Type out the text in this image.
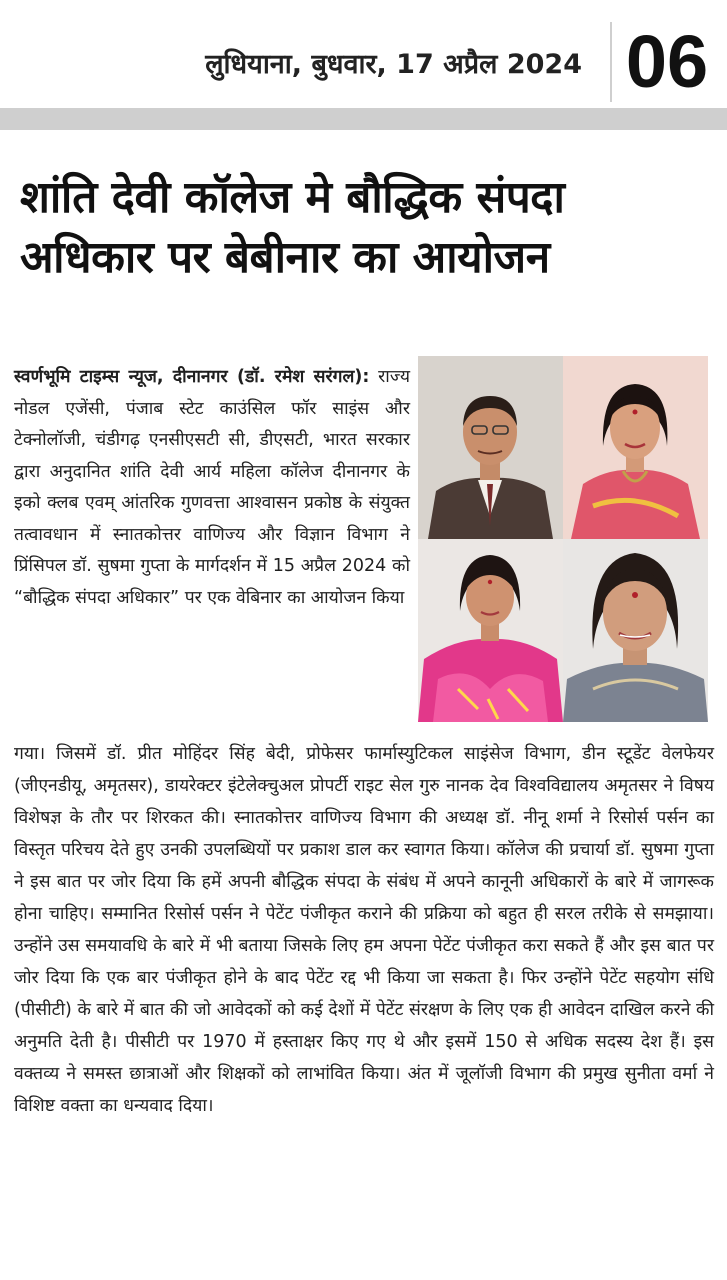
लुधियाना, बुधवार, 17 अप्रैल 2024 06
शांति देवी कॉलेज मे बौद्धिक संपदा
अधिकार पर बेबीनार का आयोजन
स्वर्णभूमि टाइम्स न्यूज, दीनानगर (डॉ. रमेश सरंगल): राज्य नोडल एजेंसी, पंजाब स्टेट काउंसिल फॉर साइंस और टेक्नोलॉजी, चंडीगढ़ एनसीएसटी सी, डीएसटी, भारत सरकार द्वारा अनुदानित शांति देवी आर्य महिला कॉलेज दीनानगर के इको क्लब एवम् आंतरिक गुणवत्ता आश्वासन प्रकोष्ठ के संयुक्त तत्वावधान में स्नातकोत्तर वाणिज्य और विज्ञान विभाग ने प्रिंसिपल डॉ. सुषमा गुप्ता के मार्गदर्शन में 15 अप्रैल 2024 को “बौद्धिक संपदा अधिकार” पर एक वेबिनार का आयोजन किया
गया। जिसमें डॉ. प्रीत मोहिंदर सिंह बेदी, प्रोफेसर फार्मास्युटिकल साइंसेज विभाग, डीन स्टूडेंट वेलफेयर (जीएनडीयू, अमृतसर), डायरेक्टर इंटेलेक्चुअल प्रोपर्टी राइट सेल गुरु नानक देव विश्वविद्यालय अमृतसर ने विषय विशेषज्ञ के तौर पर शिरकत की। स्नातकोत्तर वाणिज्य विभाग की अध्यक्ष डॉ. नीनू शर्मा ने रिसोर्स पर्सन का विस्तृत परिचय देते हुए उनकी उपलब्धियों पर प्रकाश डाल कर स्वागत किया। कॉलेज की प्रचार्या डॉ. सुषमा गुप्ता ने इस बात पर जोर दिया कि हमें अपनी बौद्धिक संपदा के संबंध में अपने कानूनी अधिकारों के बारे में जागरूक होना चाहिए। सम्मानित रिसोर्स पर्सन ने पेटेंट पंजीकृत कराने की प्रक्रिया को बहुत ही सरल तरीके से समझाया। उन्होंने उस समयावधि के बारे में भी बताया जिसके लिए हम अपना पेटेंट पंजीकृत करा सकते हैं और इस बात पर जोर दिया कि एक बार पंजीकृत होने के बाद पेटेंट रद्द भी किया जा सकता है। फिर उन्होंने पेटेंट सहयोग संधि (पीसीटी) के बारे में बात की जो आवेदकों को कई देशों में पेटेंट संरक्षण के लिए एक ही आवेदन दाखिल करने की अनुमति देती है। पीसीटी पर 1970 में हस्ताक्षर किए गए थे और इसमें 150 से अधिक सदस्य देश हैं। इस वक्तव्य ने समस्त छात्राओं और शिक्षकों को लाभांवित किया। अंत में जूलॉजी विभाग की प्रमुख सुनीता वर्मा ने विशिष्ट वक्ता का धन्यवाद दिया।
